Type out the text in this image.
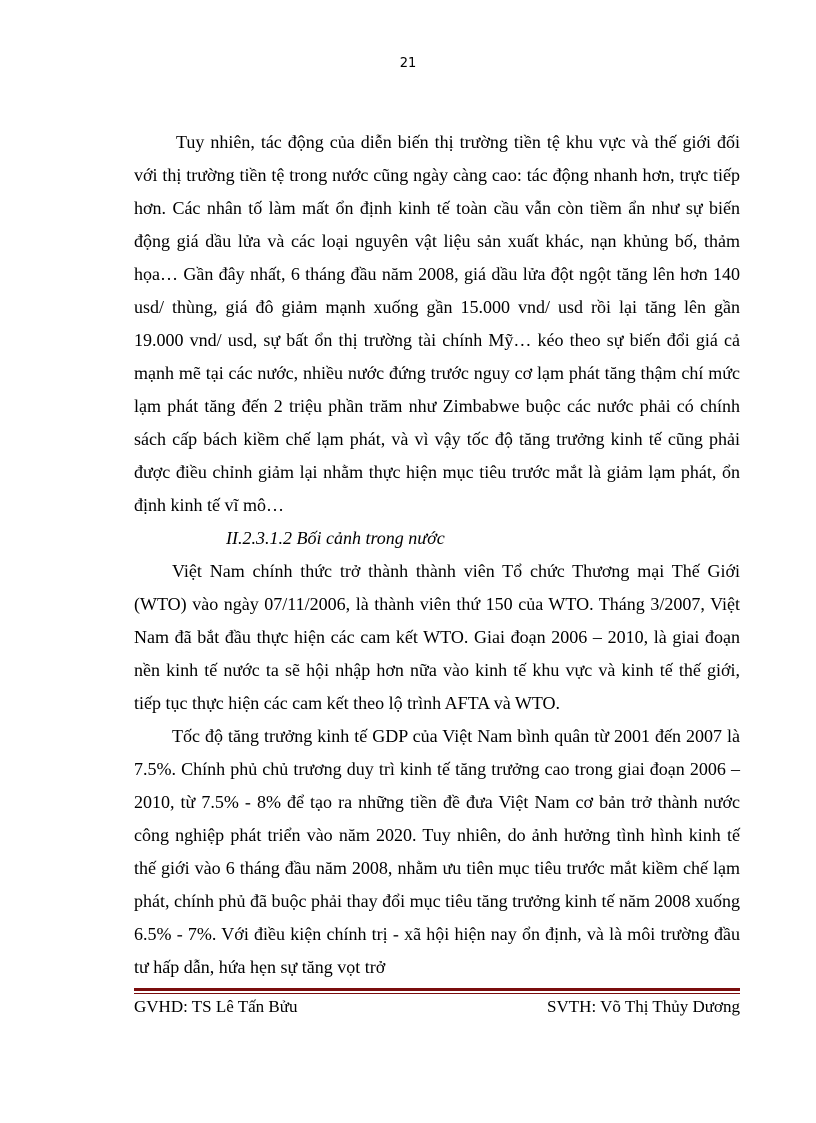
21

Tuy nhiên, tác động của diễn biến thị trường tiền tệ khu vực và thế giới đối với thị trường tiền tệ trong nước cũng ngày càng cao: tác động nhanh hơn, trực tiếp hơn. Các nhân tố làm mất ổn định kinh tế toàn cầu vẫn còn tiềm ẩn như sự biến động giá dầu lửa và các loại nguyên vật liệu sản xuất khác, nạn khủng bố, thảm họa… Gần đây nhất, 6 tháng đầu năm 2008, giá dầu lửa đột ngột tăng lên hơn 140 usd/ thùng, giá đô giảm mạnh xuống gần 15.000 vnd/ usd rồi lại tăng lên gần 19.000 vnd/ usd, sự bất ổn thị trường tài chính Mỹ… kéo theo sự biến đổi giá cả mạnh mẽ tại các nước, nhiều nước đứng trước nguy cơ lạm phát tăng thậm chí mức lạm phát tăng đến 2 triệu phần trăm như Zimbabwe buộc các nước phải có chính sách cấp bách kiềm chế lạm phát, và vì vậy tốc độ tăng trưởng kinh tế cũng phải được điều chỉnh giảm lại nhằm thực hiện mục tiêu trước mắt là giảm lạm phát, ổn định kinh tế vĩ mô…

II.2.3.1.2 Bối cảnh trong nước

Việt Nam chính thức trở thành thành viên Tổ chức Thương mại Thế Giới (WTO) vào ngày 07/11/2006, là thành viên thứ 150 của WTO. Tháng 3/2007, Việt Nam đã bắt đầu thực hiện các cam kết WTO. Giai đoạn 2006 – 2010, là giai đoạn nền kinh tế nước ta sẽ hội nhập hơn nữa vào kinh tế khu vực và kinh tế thế giới, tiếp tục thực hiện các cam kết theo lộ trình AFTA và WTO.

Tốc độ tăng trưởng kinh tế GDP của Việt Nam bình quân từ 2001 đến 2007 là 7.5%. Chính phủ chủ trương duy trì kinh tế tăng trưởng cao trong giai đoạn 2006 – 2010, từ 7.5% - 8% để tạo ra những tiền đề đưa Việt Nam cơ bản trở thành nước công nghiệp phát triển vào năm 2020. Tuy nhiên, do ảnh hưởng tình hình kinh tế thế giới vào 6 tháng đầu năm 2008, nhằm ưu tiên mục tiêu trước mắt kiềm chế lạm phát, chính phủ đã buộc phải thay đổi mục tiêu tăng trưởng kinh tế năm 2008 xuống 6.5% - 7%. Với điều kiện chính trị - xã hội hiện nay ổn định, và là môi trường đầu tư hấp dẫn, hứa hẹn sự tăng vọt trở

GVHD: TS Lê Tấn Bửu	SVTH: Võ Thị Thủy Dương
